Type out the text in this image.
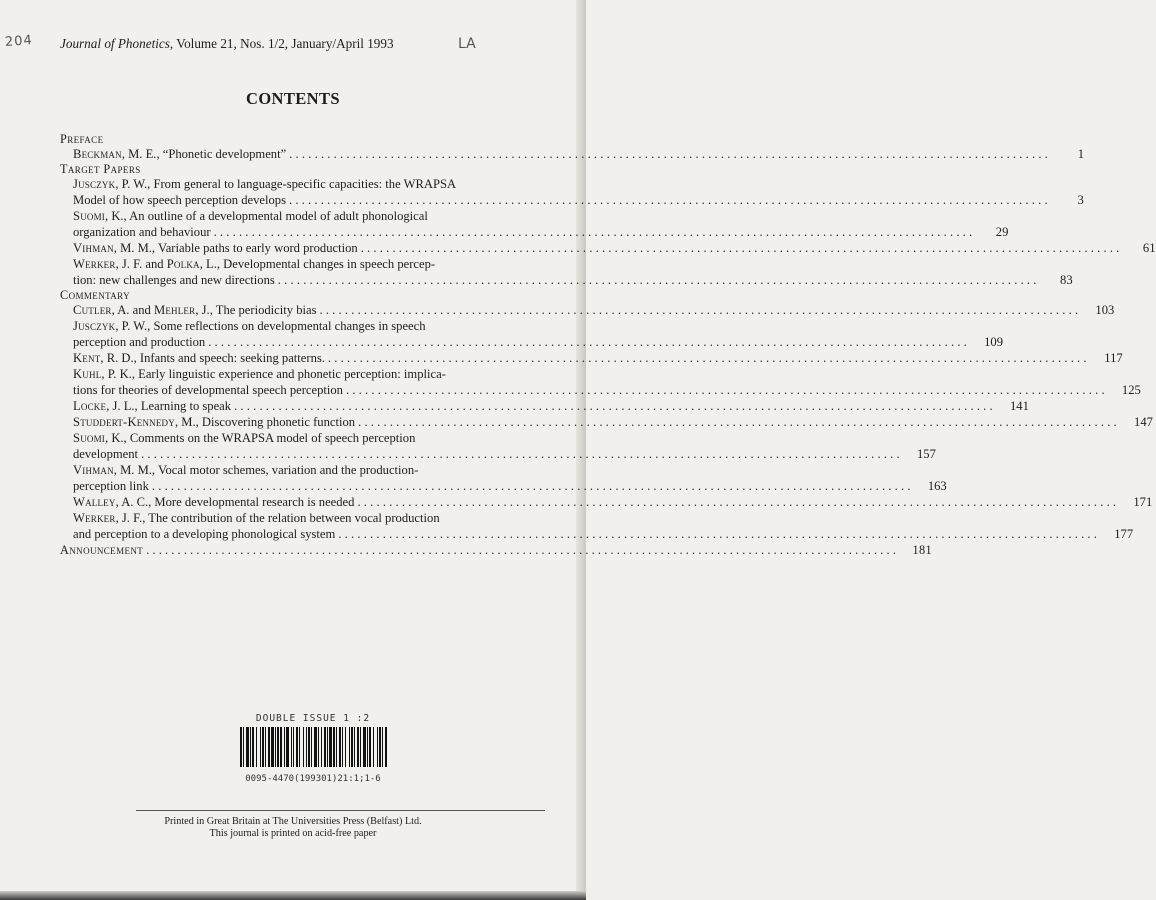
204	LA
Journal of Phonetics, Volume 21, Nos. 1/2, January/April 1993
CONTENTS
Preface
Beckman, M. E., “Phonetic development” ........................................................................................................................	1
Target Papers
Jusczyk, P. W., From general to language-specific capacities: the WRAPSA
Model of how speech perception develops ........................................................................................................................	3
Suomi, K., An outline of a developmental model of adult phonological
organization and behaviour ........................................................................................................................	29
Vihman, M. M., Variable paths to early word production ........................................................................................................................	61
Werker, J. F. and Polka, L., Developmental changes in speech percep-
tion: new challenges and new directions ........................................................................................................................	83
Commentary
Cutler, A. and Mehler, J., The periodicity bias ........................................................................................................................	103
Jusczyk, P. W., Some reflections on developmental changes in speech
perception and production ........................................................................................................................	109
Kent, R. D., Infants and speech: seeking patterns. ........................................................................................................................	117
Kuhl, P. K., Early linguistic experience and phonetic perception: implica-
tions for theories of developmental speech perception ........................................................................................................................	125
Locke, J. L., Learning to speak ........................................................................................................................	141
Studdert-Kennedy, M., Discovering phonetic function ........................................................................................................................	147
Suomi, K., Comments on the WRAPSA model of speech perception
development ........................................................................................................................	157
Vihman, M. M., Vocal motor schemes, variation and the production-
perception link ........................................................................................................................	163
Walley, A. C., More developmental research is needed ........................................................................................................................	171
Werker, J. F., The contribution of the relation between vocal production
and perception to a developing phonological system ........................................................................................................................	177
Announcement ........................................................................................................................	181
DOUBLE ISSUE 1 :2
0095-4470(199301)21:1;1-6
Printed in Great Britain at The Universities Press (Belfast) Ltd.
This journal is printed on acid-free paper
